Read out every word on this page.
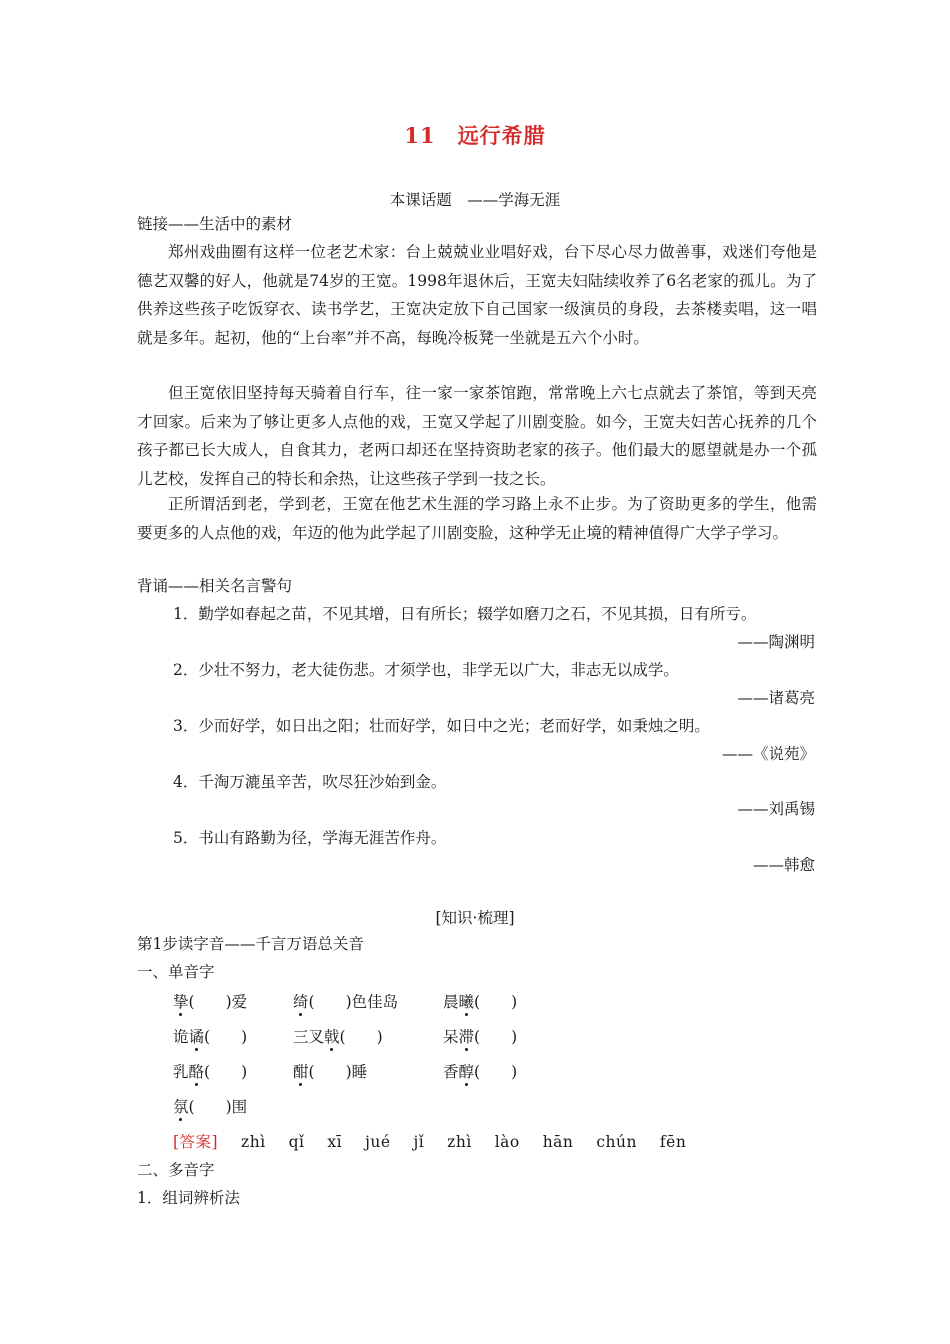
11 远行希腊
本课话题　——学海无涯
链接——生活中的素材
郑州戏曲圈有这样一位老艺术家：台上兢兢业业唱好戏，台下尽心尽力做善事，戏迷们夸他是德艺双馨的好人，他就是74岁的王宽。1998年退休后，王宽夫妇陆续收养了6名老家的孤儿。为了供养这些孩子吃饭穿衣、读书学艺，王宽决定放下自己国家一级演员的身段，去茶楼卖唱，这一唱就是多年。起初，他的“上台率”并不高，每晚冷板凳一坐就是五六个小时。
但王宽依旧坚持每天骑着自行车，往一家一家茶馆跑，常常晚上六七点就去了茶馆，等到天亮才回家。后来为了够让更多人点他的戏，王宽又学起了川剧变脸。如今，王宽夫妇苦心抚养的几个孩子都已长大成人，自食其力，老两口却还在坚持资助老家的孩子。他们最大的愿望就是办一个孤儿艺校，发挥自己的特长和余热，让这些孩子学到一技之长。
正所谓活到老，学到老，王宽在他艺术生涯的学习路上永不止步。为了资助更多的学生，他需要更多的人点他的戏，年迈的他为此学起了川剧变脸，这种学无止境的精神值得广大学子学习。
背诵——相关名言警句
1．勤学如春起之苗，不见其增，日有所长；辍学如磨刀之石，不见其损，日有所亏。
——陶渊明
2．少壮不努力，老大徒伤悲。才须学也，非学无以广大，非志无以成学。
——诸葛亮
3．少而好学，如日出之阳；壮而好学，如日中之光；老而好学，如秉烛之明。
——《说苑》
4．千淘万漉虽辛苦，吹尽狂沙始到金。
——刘禹锡
5．书山有路勤为径，学海无涯苦作舟。
——韩愈
[知识·梳理]
第1步读字音——千言万语总关音
一、单音字
挚(　　)爱	绮(　　)色佳岛	晨曦(　　)
诡谲(　　)	三叉戟(　　)	呆滞(　　)
乳酪(　　)	酣(　　)睡	香醇(　　)
氛(　　)围
[答案] zhì qǐ xī jué jǐ zhì lào hān chún fēn
二、多音字
1．组词辨析法
